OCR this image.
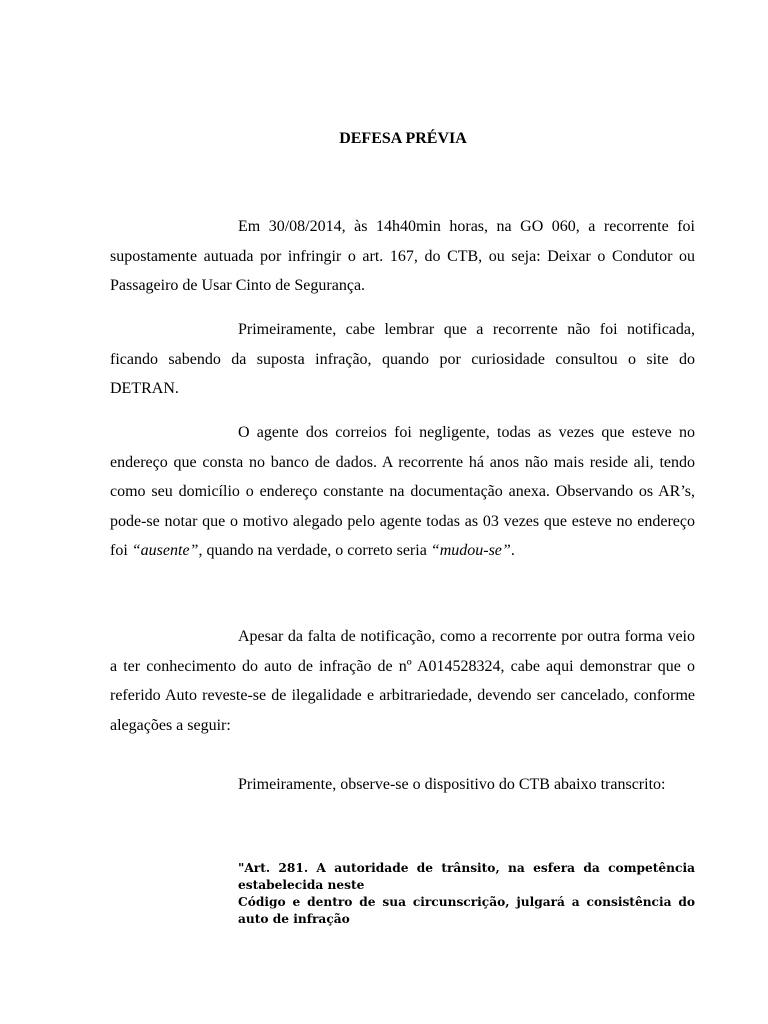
DEFESA PRÉVIA

Em 30/08/2014, às 14h40min horas, na GO 060, a recorrente foi supostamente autuada por infringir o art. 167, do CTB, ou seja: Deixar o Condutor ou Passageiro de Usar Cinto de Segurança.

Primeiramente, cabe lembrar que a recorrente não foi notificada, ficando sabendo da suposta infração, quando por curiosidade consultou o site do DETRAN.

O agente dos correios foi negligente, todas as vezes que esteve no endereço que consta no banco de dados. A recorrente há anos não mais reside ali, tendo como seu domicílio o endereço constante na documentação anexa. Observando os AR’s, pode-se notar que o motivo alegado pelo agente todas as 03 vezes que esteve no endereço foi “ausente”, quando na verdade, o correto seria “mudou-se”.

Apesar da falta de notificação, como a recorrente por outra forma veio a ter conhecimento do auto de infração de nº A014528324, cabe aqui demonstrar que o referido Auto reveste-se de ilegalidade e arbitrariedade, devendo ser cancelado, conforme alegações a seguir:

Primeiramente, observe-se o dispositivo do CTB abaixo transcrito:

"Art. 281. A autoridade de trânsito, na esfera da competência estabelecida neste
Código e dentro de sua circunscrição, julgará a consistência do auto de infração
